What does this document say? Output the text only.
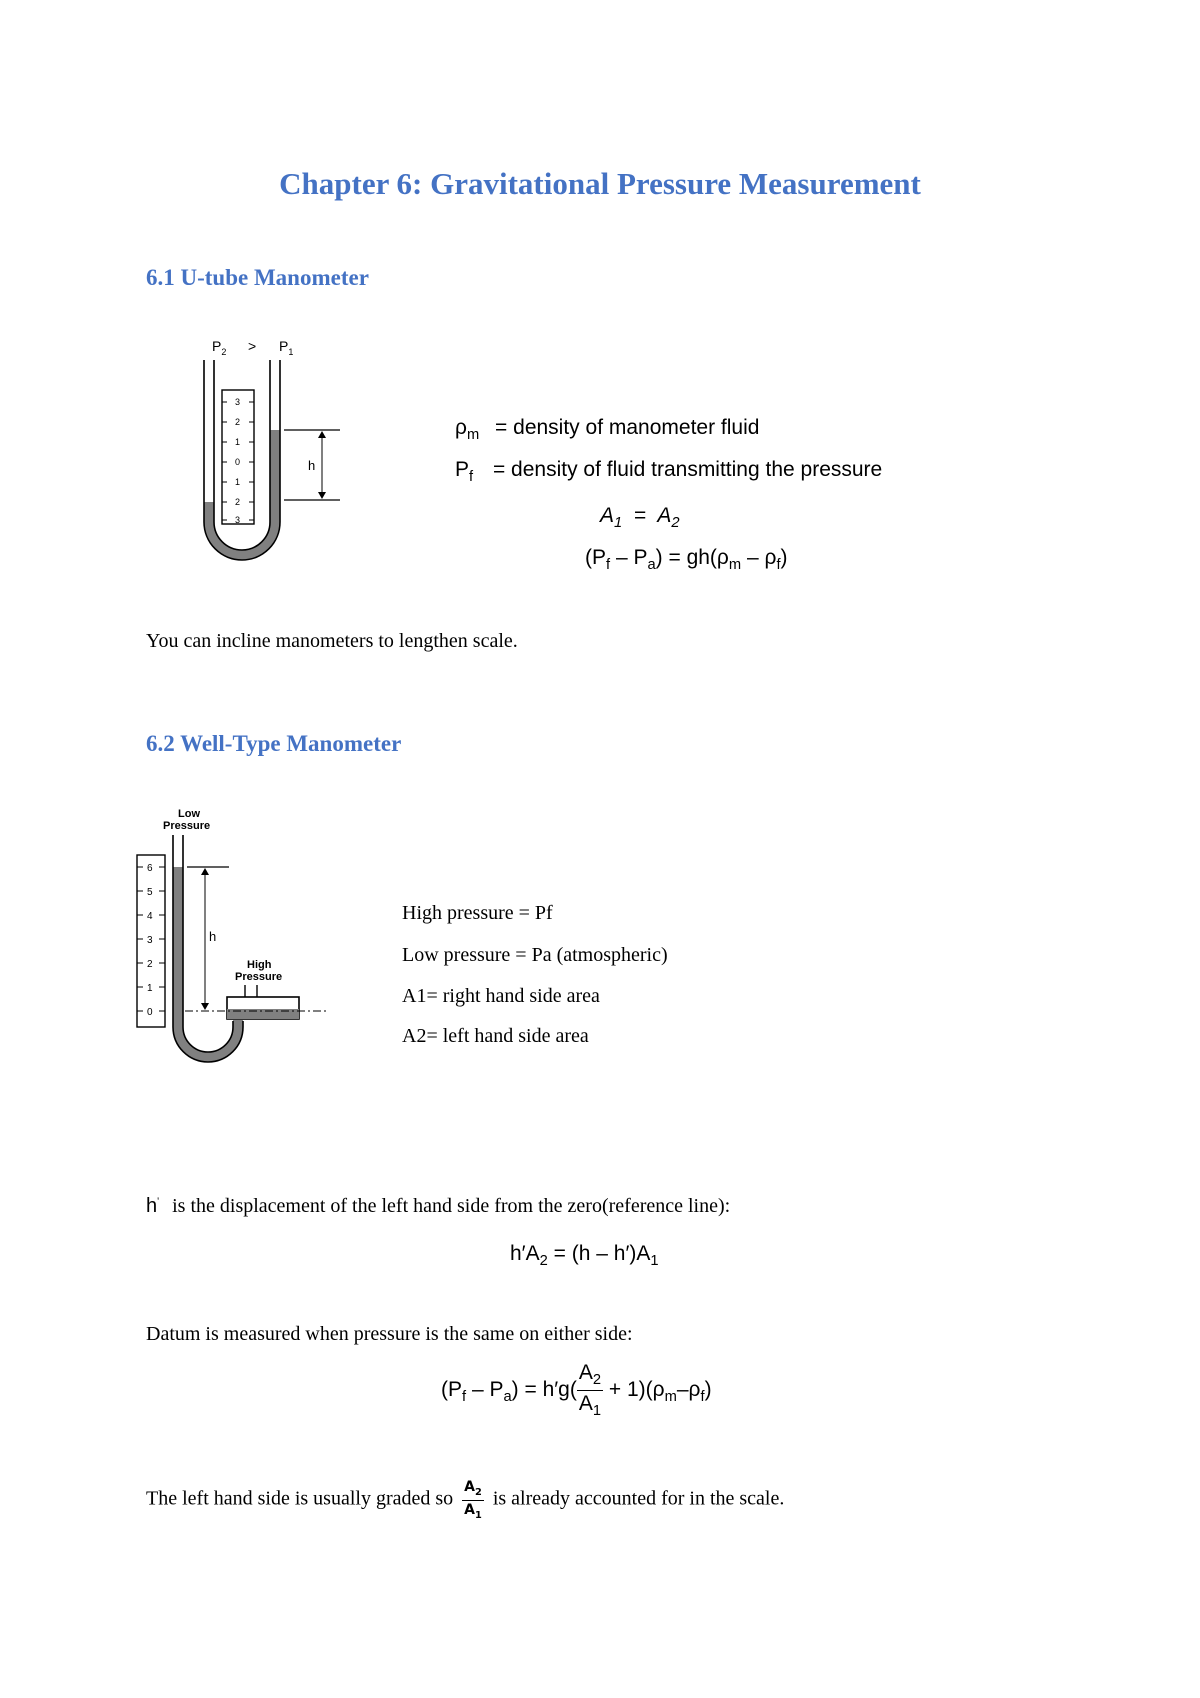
Chapter 6: Gravitational Pressure Measurement
6.1 U-tube Manometer
$P_2 > P_1$
3
2
1
0
1
2
3
h
$\rho_m$ = density of manometer fluid
$P_f$ = density of fluid transmitting the pressure
$A_1 = A_2$
$(P_f - P_a) = gh(\rho_m - \rho_f)$
You can incline manometers to lengthen scale.
6.2 Well-Type Manometer
Low
Pressure
6
5
4
3
2
1
0
High
Pressure
h
High pressure = Pf
Low pressure = Pa (atmospheric)
A1= right hand side area
A2= left hand side area
h' is the displacement of the left hand side from the zero(reference line):
$h'A_2 = (h - h')A_1$
Datum is measured when pressure is the same on either side:
$(P_f - P_a) = h'g( \frac{A_2}{A_1} + 1)(\rho_m-\rho_f)$
The left hand side is usually graded so $\frac{A_2}{A_1}$ is already accounted for in the scale.
